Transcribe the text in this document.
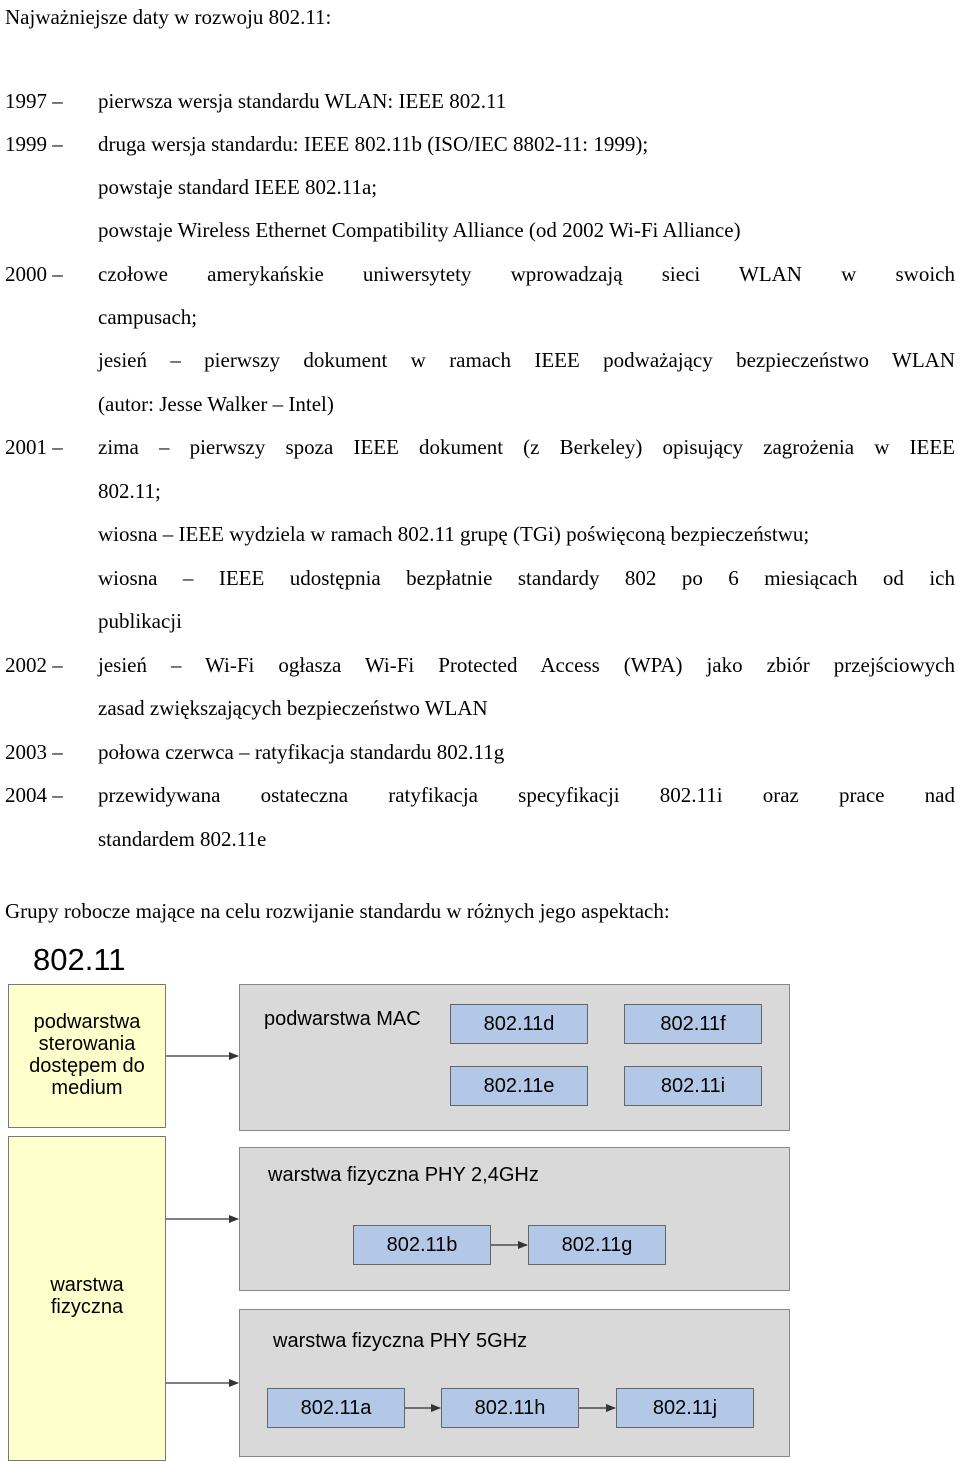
Najważniejsze daty w rozwoju 802.11:
1997 – pierwsza wersja standardu WLAN: IEEE 802.11
1999 – druga wersja standardu: IEEE 802.11b (ISO/IEC 8802-11: 1999);
powstaje standard IEEE 802.11a;
powstaje Wireless Ethernet Compatibility Alliance (od 2002 Wi-Fi Alliance)
2000 – czołowe amerykańskie uniwersytety wprowadzają sieci WLAN w swoich
campusach;
jesień – pierwszy dokument w ramach IEEE podważający bezpieczeństwo WLAN
(autor: Jesse Walker – Intel)
2001 – zima – pierwszy spoza IEEE dokument (z Berkeley) opisujący zagrożenia w IEEE
802.11;
wiosna – IEEE wydziela w ramach 802.11 grupę (TGi) poświęconą bezpieczeństwu;
wiosna – IEEE udostępnia bezpłatnie standardy 802 po 6 miesiącach od ich
publikacji
2002 – jesień – Wi-Fi ogłasza Wi-Fi Protected Access (WPA) jako zbiór przejściowych
zasad zwiększających bezpieczeństwo WLAN
2003 – połowa czerwca – ratyfikacja standardu 802.11g
2004 – przewidywana ostateczna ratyfikacja specyfikacji 802.11i oraz prace nad
standardem 802.11e
Grupy robocze mające na celu rozwijanie standardu w różnych jego aspektach:
802.11
podwarstwa sterowania dostępem do medium
warstwa fizyczna
podwarstwa MAC	802.11d	802.11f
802.11e	802.11i
warstwa fizyczna PHY 2,4GHz
802.11b	802.11g
warstwa fizyczna PHY 5GHz
802.11a	802.11h	802.11j
